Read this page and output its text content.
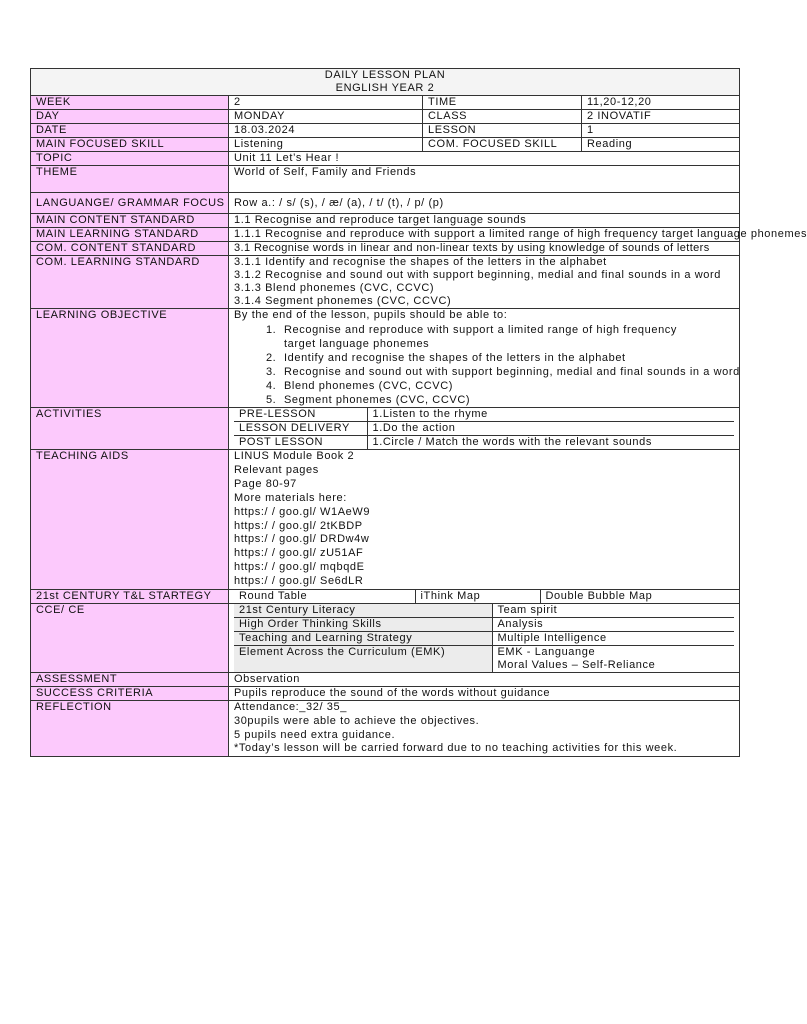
DAILY LESSON PLAN
ENGLISH YEAR 2

WEEK	2	TIME	11,20-12,20
DAY	MONDAY	CLASS	2 INOVATIF
DATE	18.03.2024	LESSON	1
MAIN FOCUSED SKILL	Listening	COM. FOCUSED SKILL	Reading
TOPIC	Unit 11 Let’s Hear !
THEME	World of Self, Family and Friends
LANGUANGE/ GRAMMAR FOCUS	Row a.: / s/ (s), / æ/ (a), / t/ (t), / p/ (p)
MAIN CONTENT STANDARD	1.1 Recognise and reproduce target language sounds
MAIN LEARNING STANDARD	1.1.1 Recognise and reproduce with support a limited range of high frequency target language phonemes
COM. CONTENT STANDARD	3.1 Recognise words in linear and non-linear texts by using knowledge of sounds of letters
COM. LEARNING STANDARD	3.1.1 Identify and recognise the shapes of the letters in the alphabet
3.1.2 Recognise and sound out with support beginning, medial and final sounds in a word
3.1.3 Blend phonemes (CVC, CCVC)
3.1.4 Segment phonemes (CVC, CCVC)

LEARNING OBJECTIVE	By the end of the lesson, pupils should be able to:
1. Recognise and reproduce with support a limited range of high frequency target language phonemes
2. Identify and recognise the shapes of the letters in the alphabet
3. Recognise and sound out with support beginning, medial and final sounds in a word
4. Blend phonemes (CVC, CCVC)
5. Segment phonemes (CVC, CCVC)

ACTIVITIES		PRE-LESSON	1.Listen to the rhyme
LESSON DELIVERY	1.Do the action
POST LESSON	1.Circle / Match the words with the relevant sounds

TEACHING AIDS	LINUS Module Book 2
Relevant pages
Page 80-97
More materials here:
https:/ / goo.gl/ W1AeW9
https:/ / goo.gl/ 2tKBDP
https:/ / goo.gl/ DRDw4w
https:/ / goo.gl/ zU51AF
https:/ / goo.gl/ mqbqdE
https:/ / goo.gl/ Se6dLR

21st CENTURY T&L STARTEGY	Round Table	iThink Map	Double Bubble Map

CCE/ CE		21st Century Literacy	Team spirit
High Order Thinking Skills	Analysis
Teaching and Learning Strategy	Multiple Intelligence
Element Across the Curriculum (EMK)	EMK - Languange
Moral Values – Self-Reliance

ASSESSMENT	Observation
SUCCESS CRITERIA	Pupils reproduce the sound of the words without guidance
REFLECTION	Attendance:_32/ 35_
30pupils were able to achieve the objectives.
5 pupils need extra guidance.
*Today’s lesson will be carried forward due to no teaching activities for this week.
